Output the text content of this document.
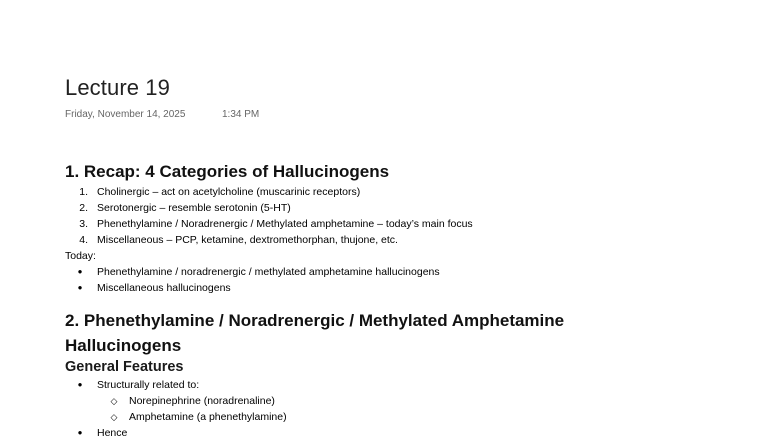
Lecture 19
Friday, November 14, 2025	1:34 PM
1. Recap: 4 Categories of Hallucinogens
1. Cholinergic – act on acetylcholine (muscarinic receptors)
2. Serotonergic – resemble serotonin (5-HT)
3. Phenethylamine / Noradrenergic / Methylated amphetamine – today’s main focus
4. Miscellaneous – PCP, ketamine, dextromethorphan, thujone, etc.
Today:
●	Phenethylamine / noradrenergic / methylated amphetamine hallucinogens
●	Miscellaneous hallucinogens
2. Phenethylamine / Noradrenergic / Methylated Amphetamine
Hallucinogens
General Features
●	Structurally related to:
◇ Norepinephrine (noradrenaline)
◇ Amphetamine (a phenethylamine)
●	Hence
